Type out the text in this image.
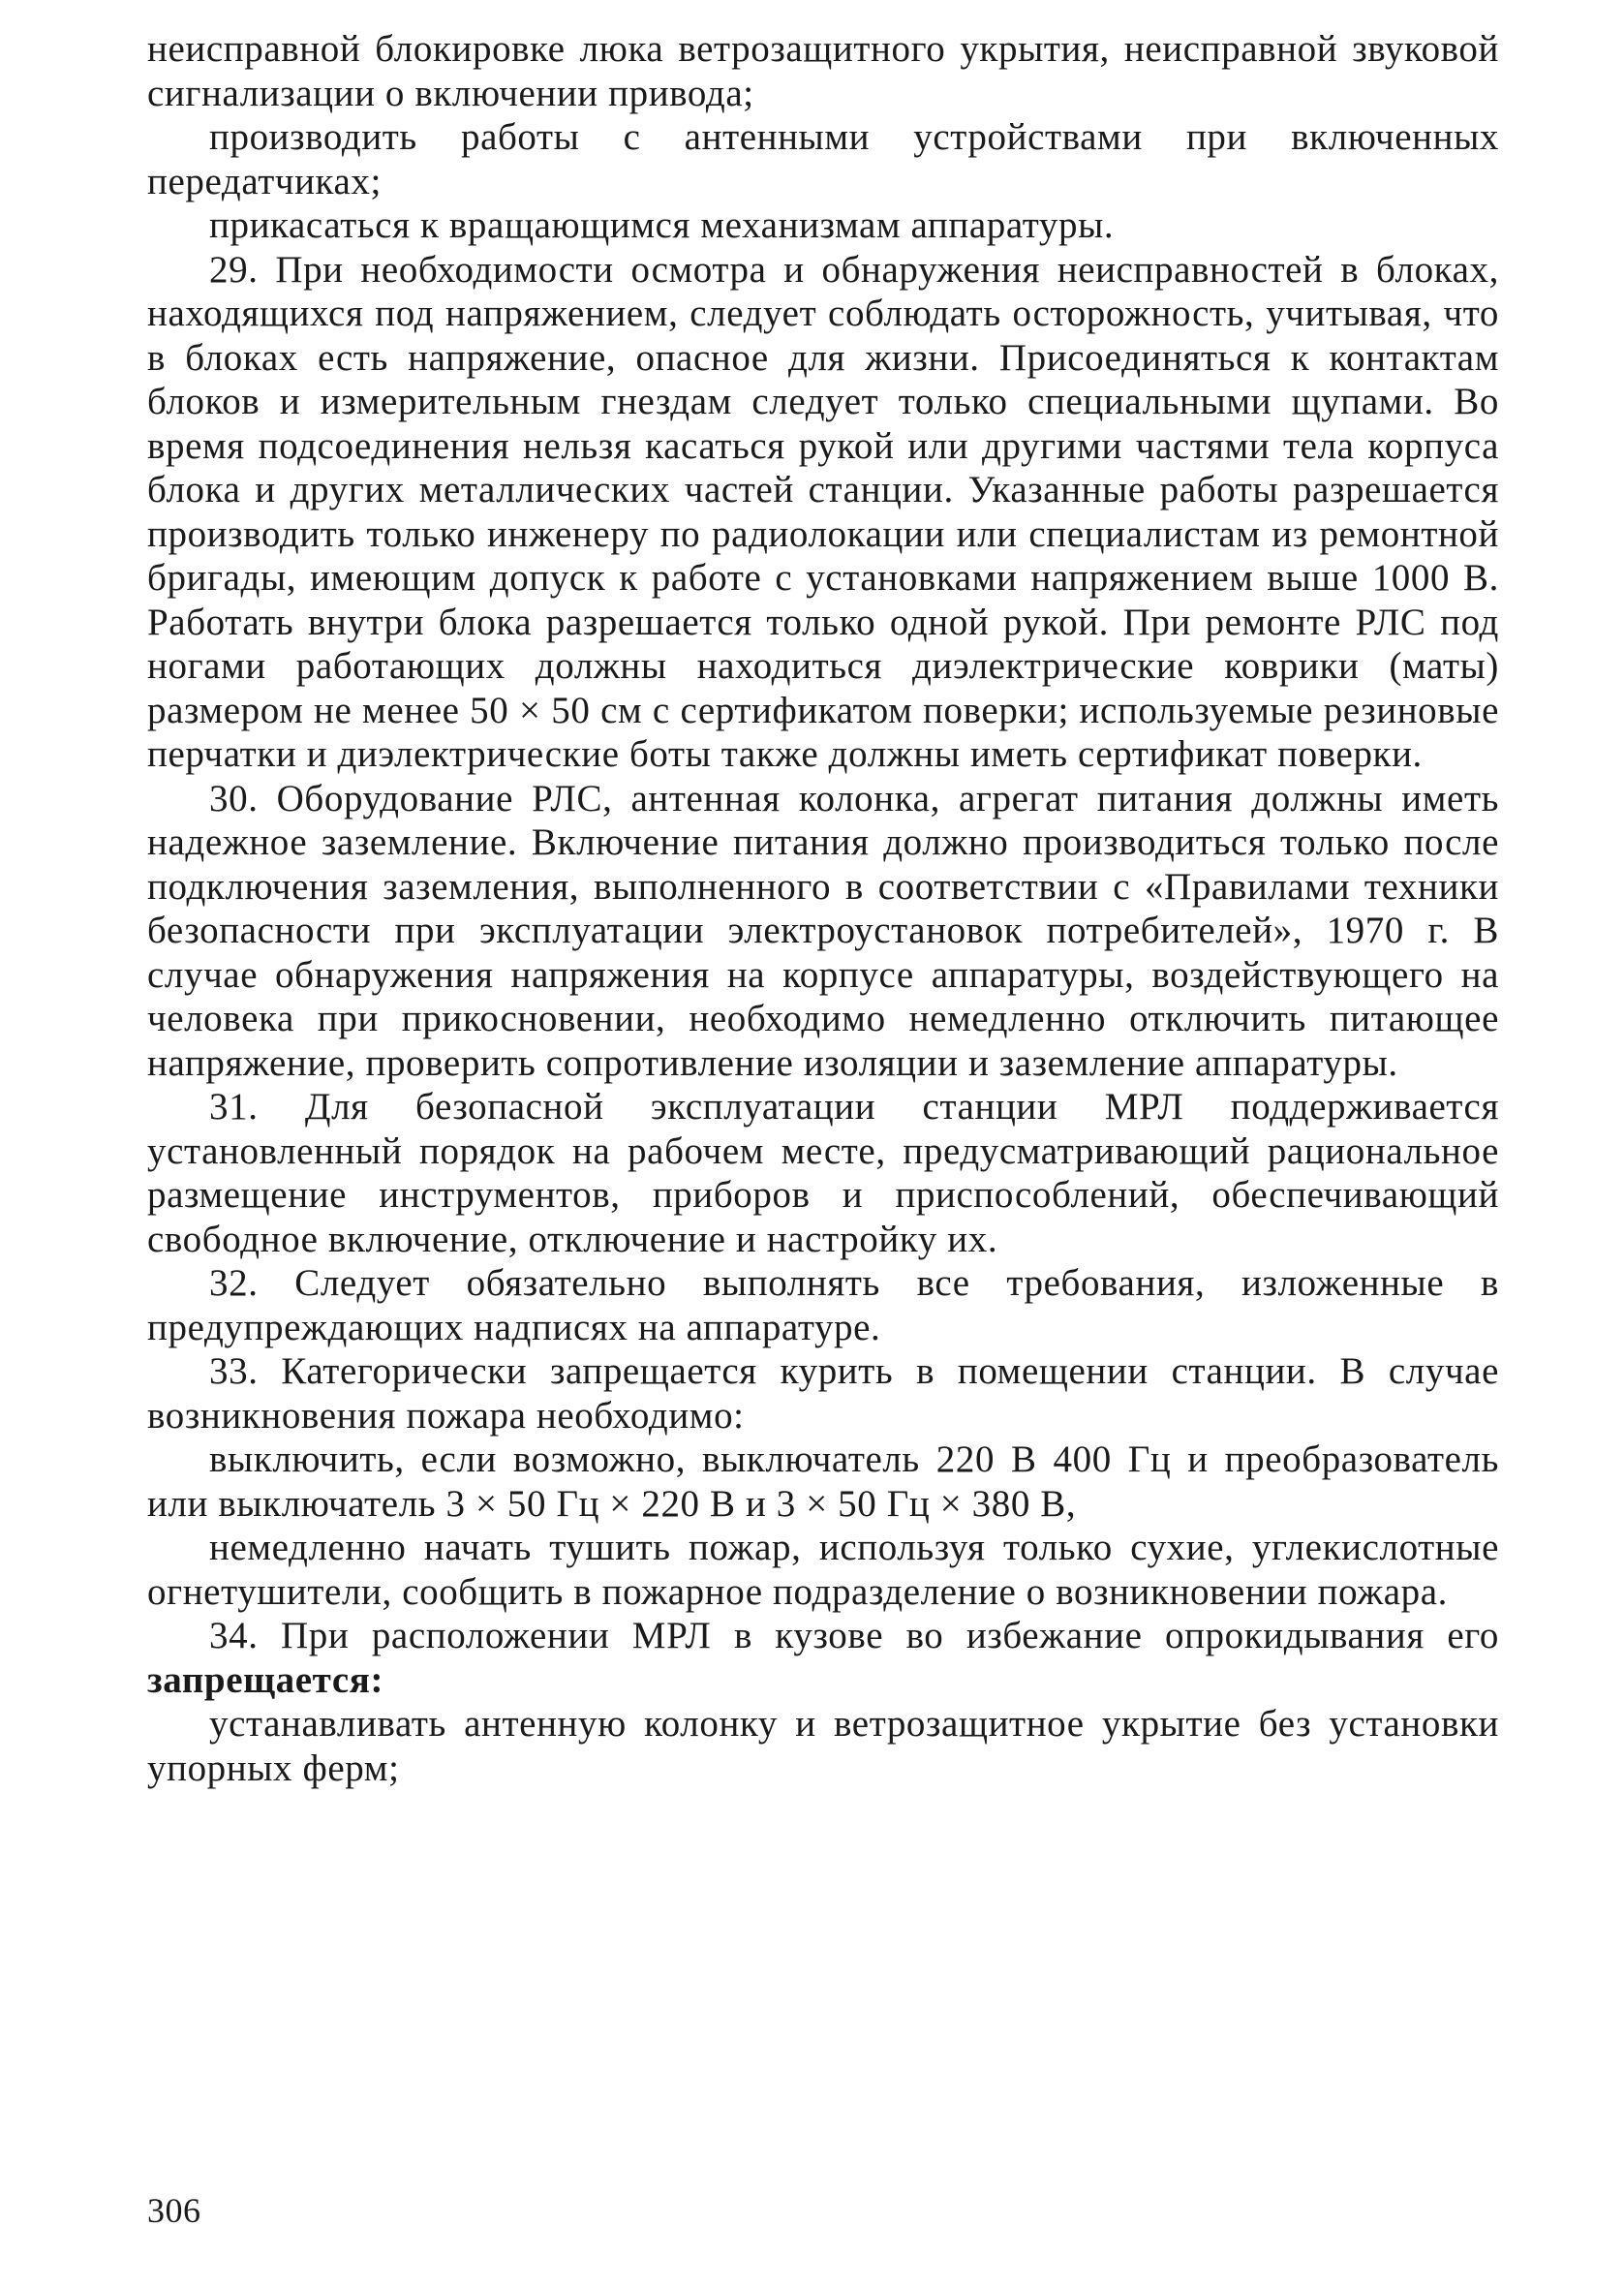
неисправной блокировке люка ветрозащитного укрытия, неисправной звуковой сигнализации о включении привода;

производить работы с антенными устройствами при включенных передатчиках;

прикасаться к вращающимся механизмам аппаратуры.

29. При необходимости осмотра и обнаружения неисправностей в блоках, находящихся под напряжением, следует соблюдать осторожность, учитывая, что в блоках есть напряжение, опасное для жизни. Присоединяться к контактам блоков и измерительным гнездам следует только специальными щупами. Во время подсоединения нельзя касаться рукой или другими частями тела корпуса блока и других металлических частей станции. Указанные работы разрешается производить только инженеру по радиолокации или специалистам из ремонтной бригады, имеющим допуск к работе с установками напряжением выше 1000 В. Работать внутри блока разрешается только одной рукой. При ремонте РЛС под ногами работающих должны находиться диэлектрические коврики (маты) размером не менее 50 × 50 см с сертификатом поверки; используемые резиновые перчатки и диэлектрические боты также должны иметь сертификат поверки.

30. Оборудование РЛС, антенная колонка, агрегат питания должны иметь надежное заземление. Включение питания должно производиться только после подключения заземления, выполненного в соответствии с «Правилами техники безопасности при эксплуатации электроустановок потребителей», 1970 г. В случае обнаружения напряжения на корпусе аппаратуры, воздействующего на человека при прикосновении, необходимо немедленно отключить питающее напряжение, проверить сопротивление изоляции и заземление аппаратуры.

31. Для безопасной эксплуатации станции МРЛ поддерживается установленный порядок на рабочем месте, предусматривающий рациональное размещение инструментов, приборов и приспособлений, обеспечивающий свободное включение, отключение и настройку их.

32. Следует обязательно выполнять все требования, изложенные в предупреждающих надписях на аппаратуре.

33. Категорически запрещается курить в помещении станции. В случае возникновения пожара необходимо:

выключить, если возможно, выключатель 220 В 400 Гц и преобразователь или выключатель 3 × 50 Гц × 220 В и 3 × 50 Гц × 380 В,

немедленно начать тушить пожар, используя только сухие, углекислотные огнетушители, сообщить в пожарное подразделение о возникновении пожара.

34. При расположении МРЛ в кузове во избежание опрокидывания его запрещается:

устанавливать антенную колонку и ветрозащитное укрытие без установки упорных ферм;

306
